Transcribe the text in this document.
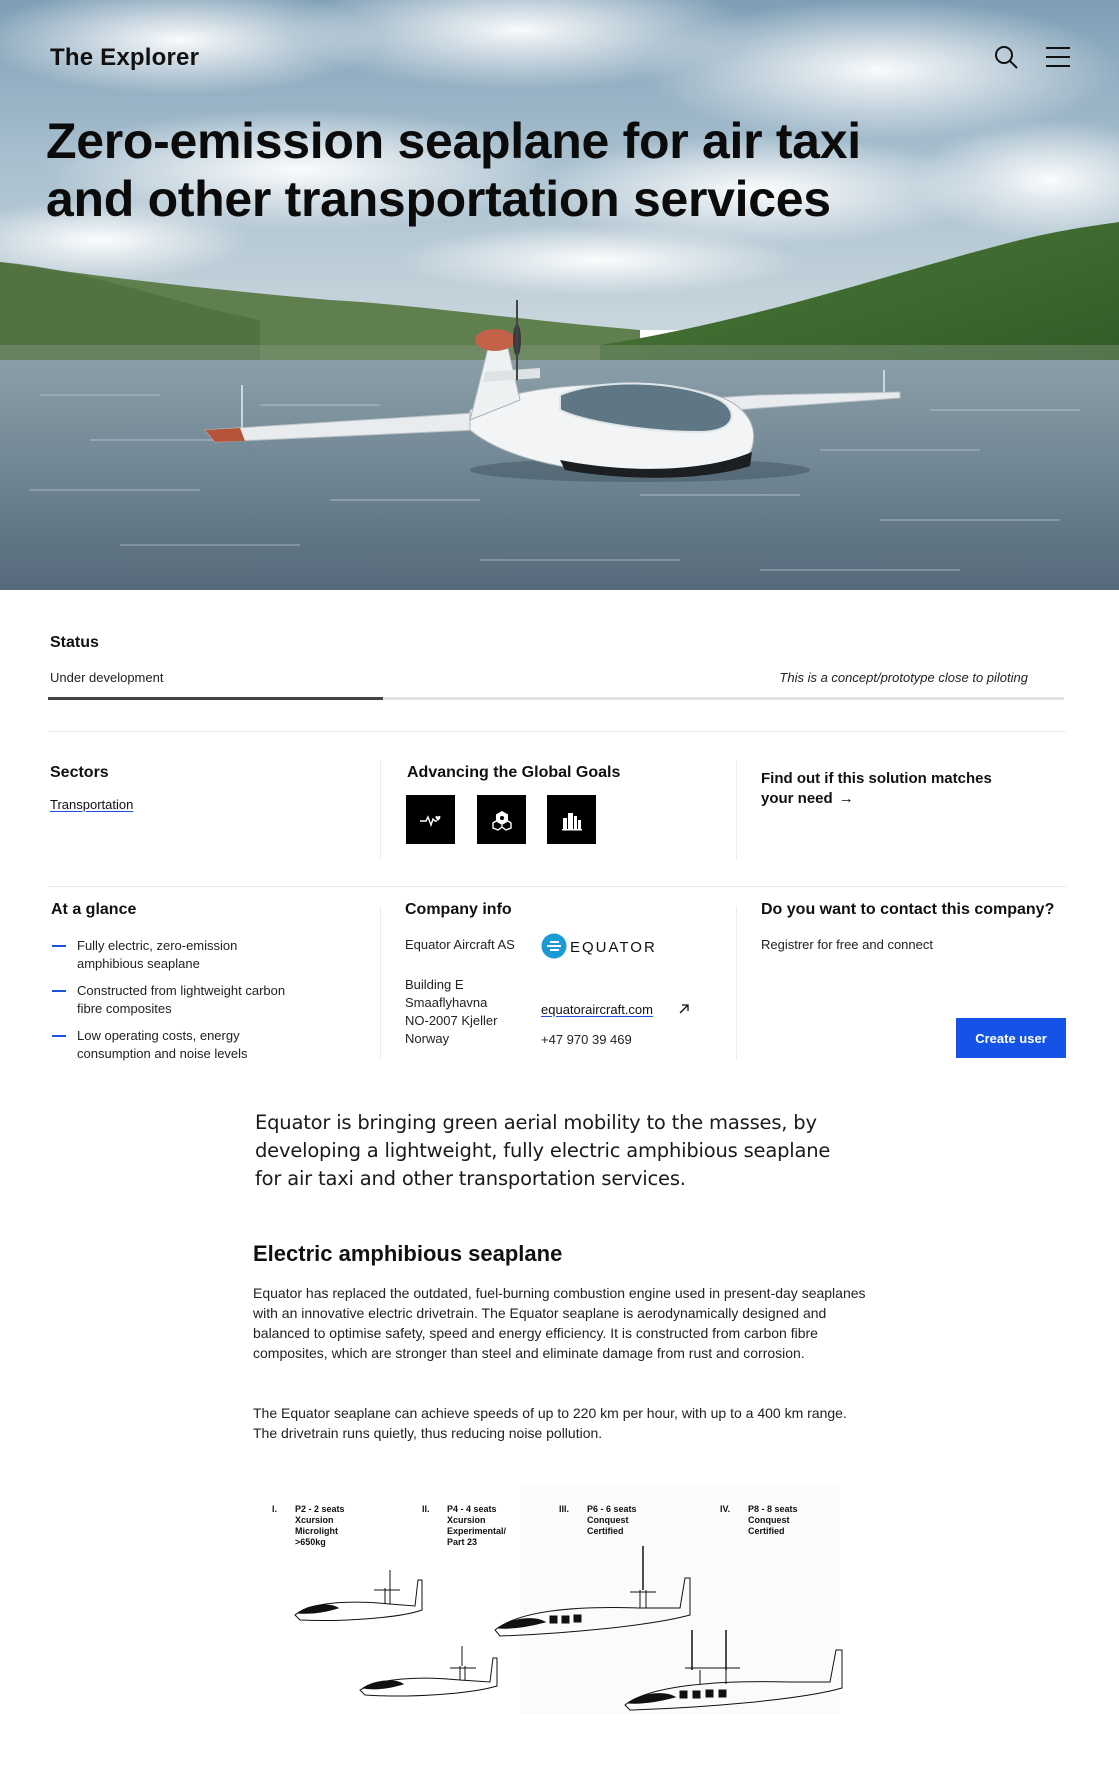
The Explorer
Zero-emission seaplane for air taxi
and other transportation services
Status
Under development	This is a concept/prototype close to piloting
Sectors
Transportation
Advancing the Global Goals	Find out if this solution matches
your need →
At a glance
Fully electric, zero-emission
amphibious seaplane
Constructed from lightweight carbon
fibre composites
Low operating costs, energy
consumption and noise levels
Company info
Equator Aircraft AS	EQUATOR
Building E
Smaaflyhavna
NO-2007 Kjeller
Norway
equatoraircraft.com
+47 970 39 469
Do you want to contact this company?
Registrer for free and connect
Create user

Equator is bringing green aerial mobility to the masses, by developing a lightweight, fully electric amphibious seaplane for air taxi and other transportation services.

Electric amphibious seaplane

Equator has replaced the outdated, fuel-burning combustion engine used in present-day seaplanes with an innovative electric drivetrain. The Equator seaplane is aerodynamically designed and balanced to optimise safety, speed and energy efficiency. It is constructed from carbon fibre composites, which are stronger than steel and eliminate damage from rust and corrosion.

The Equator seaplane can achieve speeds of up to 220 km per hour, with up to a 400 km range. The drivetrain runs quietly, thus reducing noise pollution.

I. P2 - 2 seats
Xcursion
Microlight
>650kg
II. P4 - 4 seats
Xcursion
Experimental/
Part 23
III. P6 - 6 seats
Conquest
Certified
IV. P8 - 8 seats
Conquest
Certified
